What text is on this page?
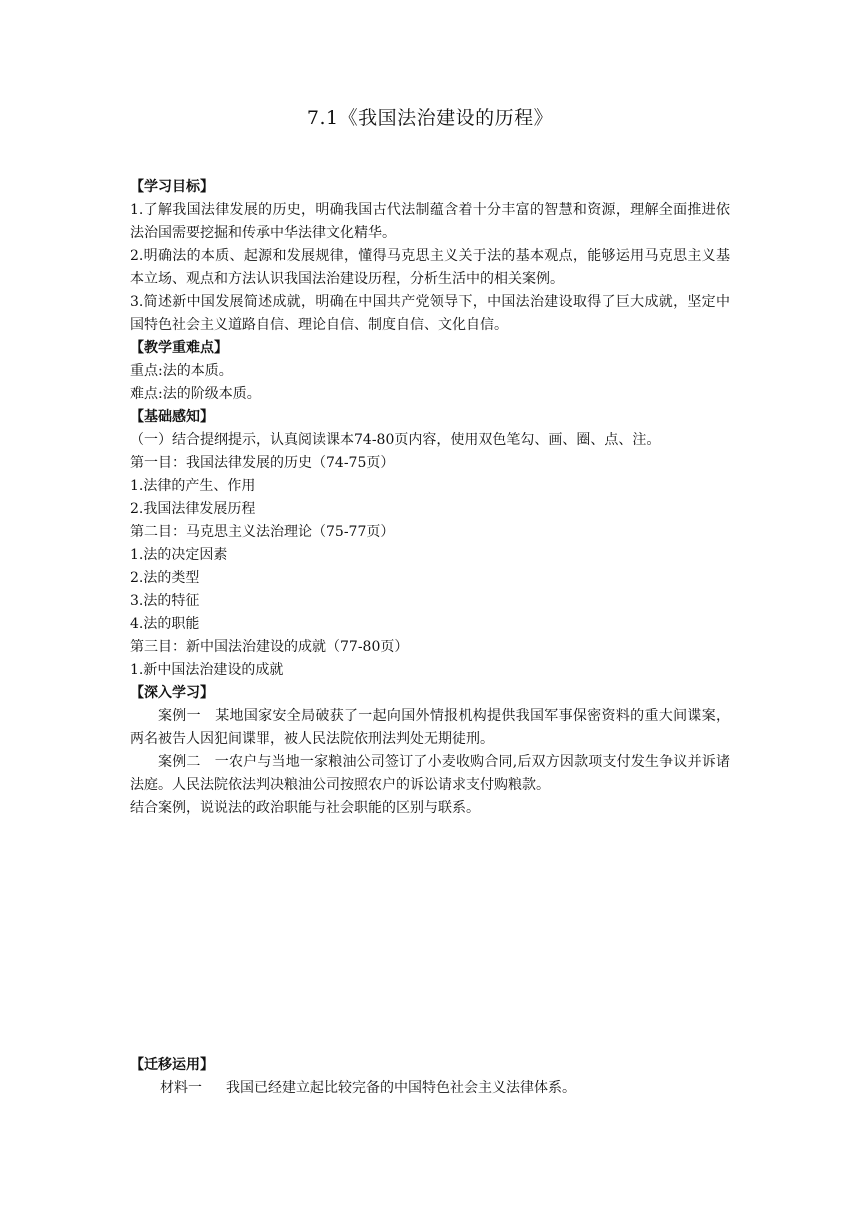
7.1《我国法治建设的历程》
【学习目标】
1.了解我国法律发展的历史，明确我国古代法制蕴含着十分丰富的智慧和资源，理解全面推进依法治国需要挖掘和传承中华法律文化精华。
2.明确法的本质、起源和发展规律，懂得马克思主义关于法的基本观点，能够运用马克思主义基本立场、观点和方法认识我国法治建设历程，分析生活中的相关案例。
3.简述新中国发展简述成就，明确在中国共产党领导下，中国法治建设取得了巨大成就，坚定中国特色社会主义道路自信、理论自信、制度自信、文化自信。
【教学重难点】
重点:法的本质。
难点:法的阶级本质。
【基础感知】
（一）结合提纲提示，认真阅读课本74-80页内容，使用双色笔勾、画、圈、点、注。
第一目：我国法律发展的历史（74-75页）
1.法律的产生、作用
2.我国法律发展历程
第二目：马克思主义法治理论（75-77页）
1.法的决定因素
2.法的类型
3.法的特征
4.法的职能
第三目：新中国法治建设的成就（77-80页）
1.新中国法治建设的成就
【深入学习】
案例一　某地国家安全局破获了一起向国外情报机构提供我国军事保密资料的重大间谍案，两名被告人因犯间谍罪，被人民法院依刑法判处无期徒刑。
案例二　一农户与当地一家粮油公司签订了小麦收购合同,后双方因款项支付发生争议并诉诸法庭。人民法院依法判决粮油公司按照农户的诉讼请求支付购粮款。
结合案例，说说法的政治职能与社会职能的区别与联系。
【迁移运用】
材料一 我国已经建立起比较完备的中国特色社会主义法律体系。
